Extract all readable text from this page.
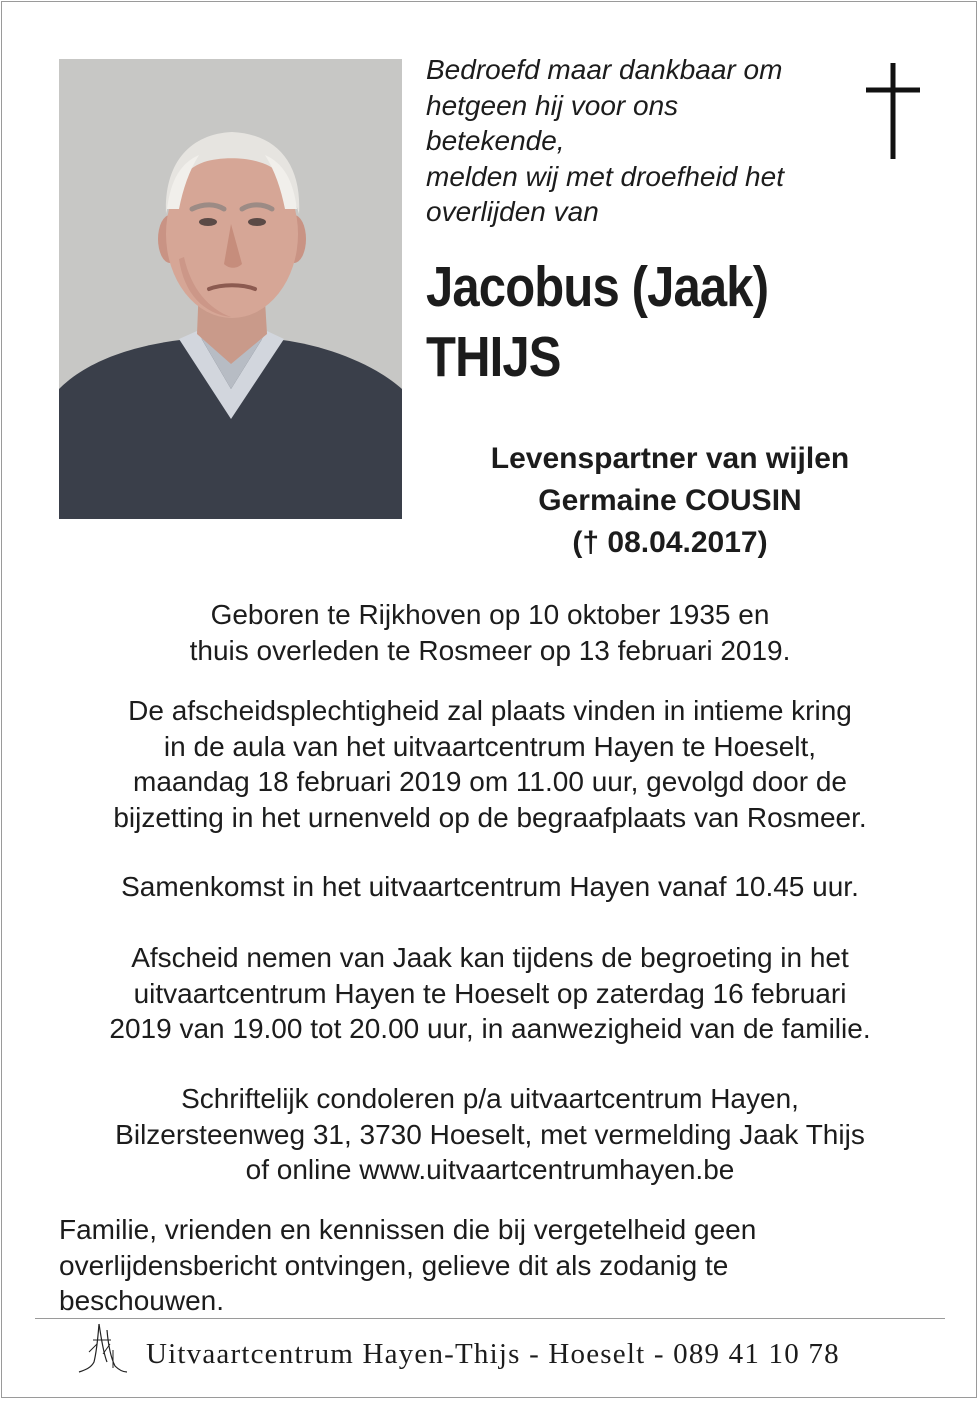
Bedroefd maar dankbaar om
hetgeen hij voor ons
betekende,
melden wij met droefheid het
overlijden van
Jacobus (Jaak)
THIJS
Levenspartner van wijlen
Germaine COUSIN
(† 08.04.2017)
Geboren te Rijkhoven op 10 oktober 1935 en
thuis overleden te Rosmeer op 13 februari 2019.
De afscheidsplechtigheid zal plaats vinden in intieme kring
in de aula van het uitvaartcentrum Hayen te Hoeselt,
maandag 18 februari 2019 om 11.00 uur, gevolgd door de
bijzetting in het urnenveld op de begraafplaats van Rosmeer.
Samenkomst in het uitvaartcentrum Hayen vanaf 10.45 uur.
Afscheid nemen van Jaak kan tijdens de begroeting in het
uitvaartcentrum Hayen te Hoeselt op zaterdag 16 februari
2019 van 19.00 tot 20.00 uur, in aanwezigheid van de familie.
Schriftelijk condoleren p/a uitvaartcentrum Hayen,
Bilzersteenweg 31, 3730 Hoeselt, met vermelding Jaak Thijs
of online www.uitvaartcentrumhayen.be
Familie, vrienden en kennissen die bij vergetelheid geen
overlijdensbericht ontvingen, gelieve dit als zodanig te
beschouwen.
Uitvaartcentrum Hayen-Thijs - Hoeselt - 089 41 10 78
